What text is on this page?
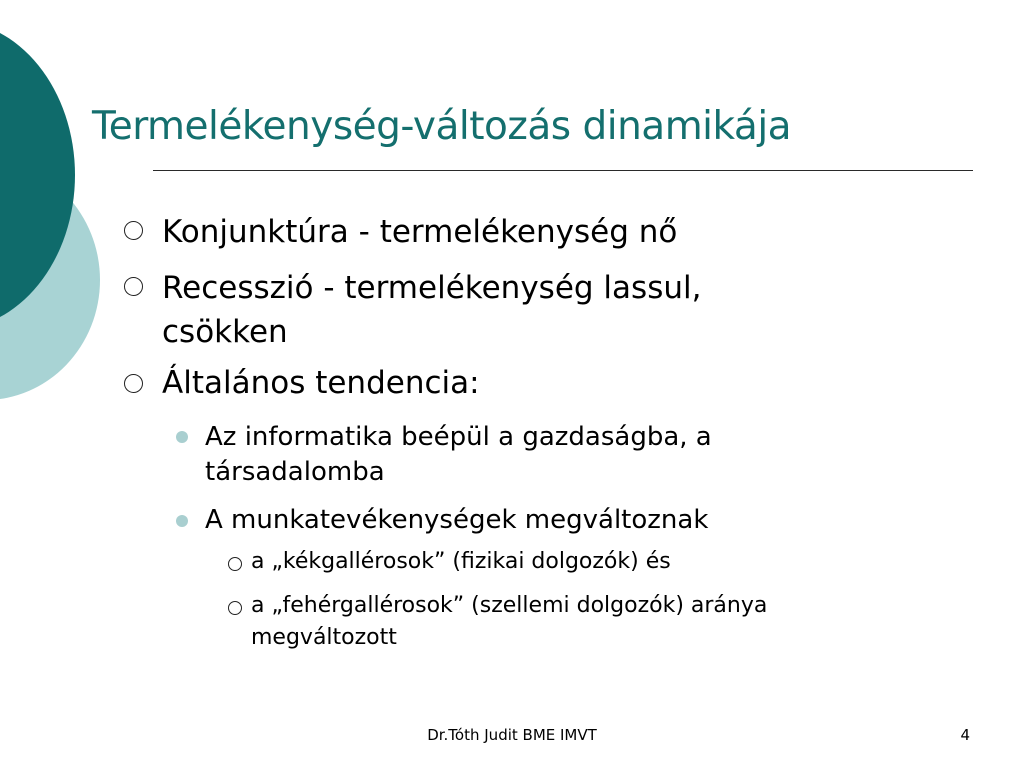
Termelékenység-változás dinamikája
Konjunktúra - termelékenység nő
Recesszió - termelékenység lassul,
csökken
Általános tendencia:
Az informatika beépül a gazdaságba, a
társadalomba
A munkatevékenységek megváltoznak
a „kékgallérosok” (fizikai dolgozók) és
a „fehérgallérosok” (szellemi dolgozók) aránya
megváltozott
Dr.Tóth Judit BME IMVT	4
